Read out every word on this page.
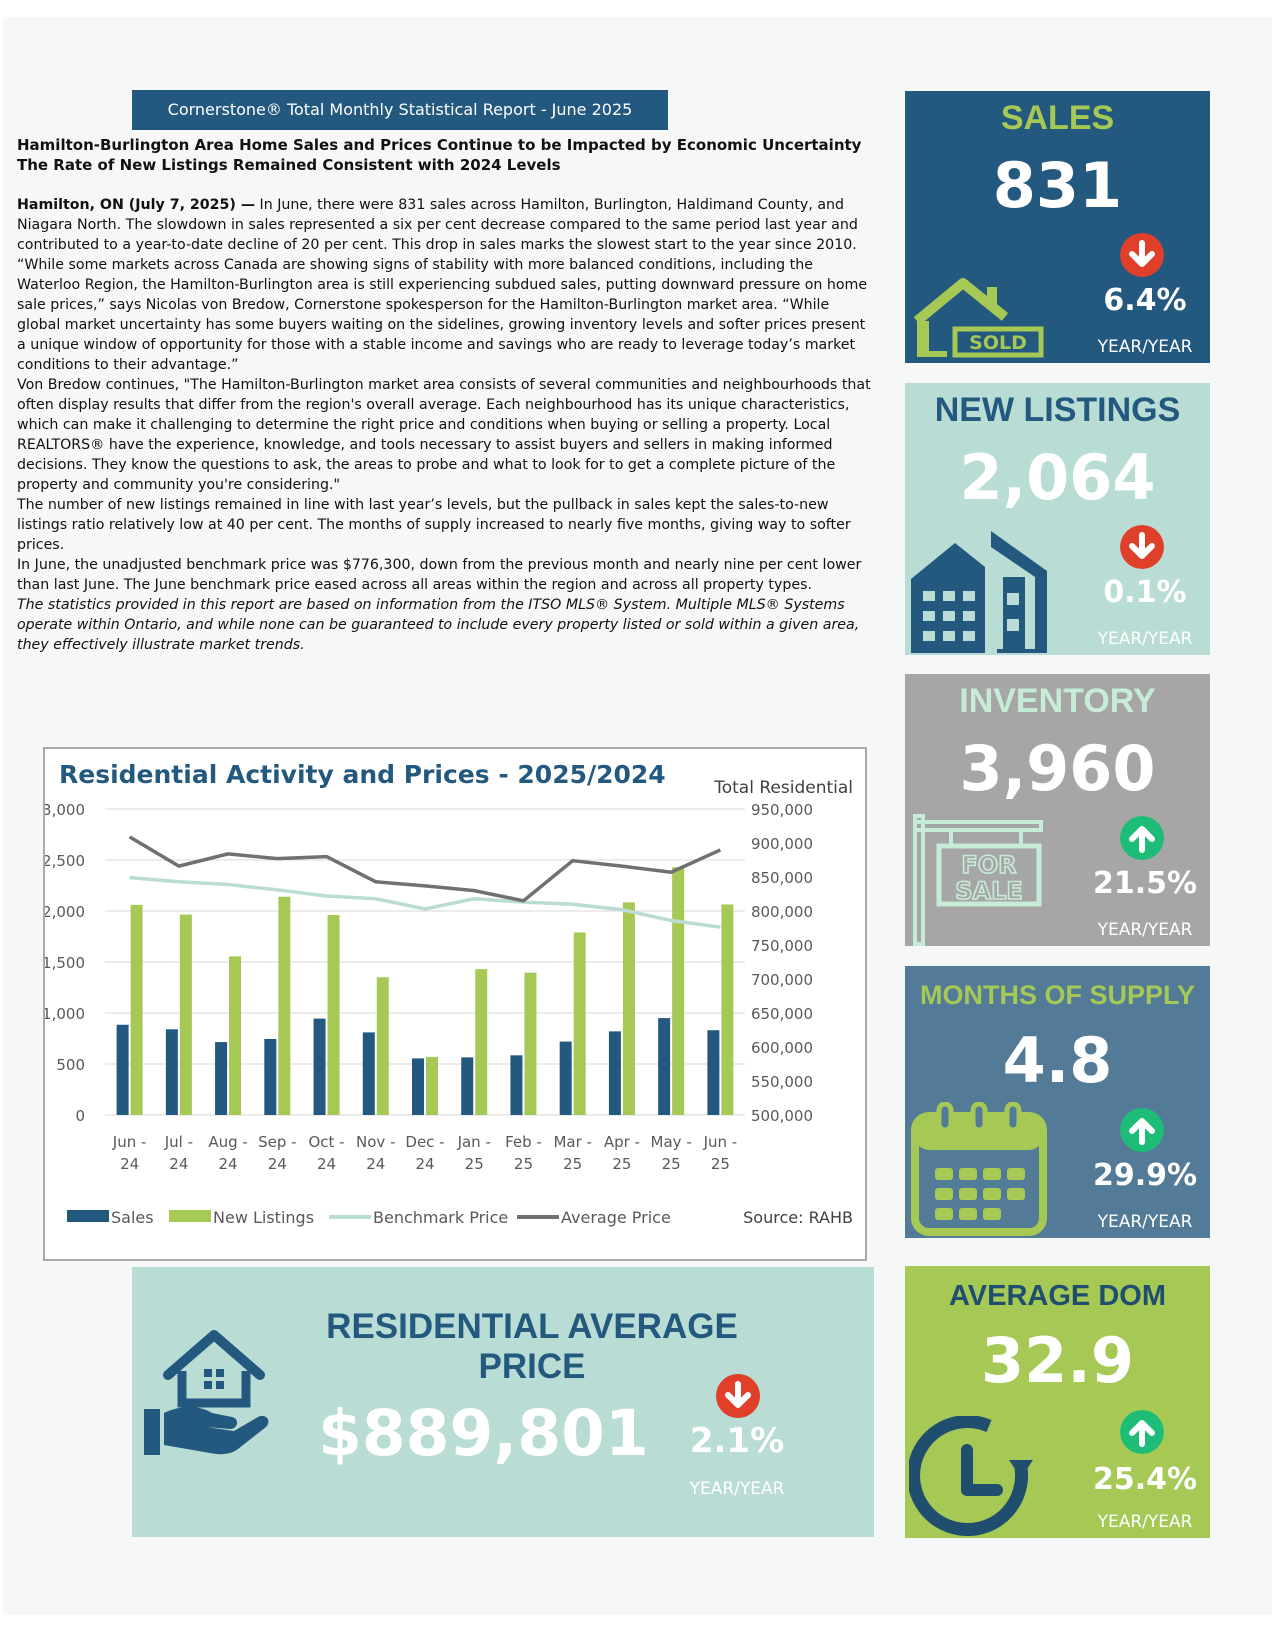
Cornerstone® Total Monthly Statistical Report - June 2025

Hamilton-Burlington Area Home Sales and Prices Continue to be Impacted by Economic Uncertainty

The Rate of New Listings Remained Consistent with 2024 Levels

Hamilton, ON (July 7, 2025) — In June, there were 831 sales across Hamilton, Burlington, Haldimand County, and Niagara North. The slowdown in sales represented a six per cent decrease compared to the same period last year and contributed to a year-to-date decline of 20 per cent. This drop in sales marks the slowest start to the year since 2010.

“While some markets across Canada are showing signs of stability with more balanced conditions, including the Waterloo Region, the Hamilton-Burlington area is still experiencing subdued sales, putting downward pressure on home sale prices,” says Nicolas von Bredow, Cornerstone spokesperson for the Hamilton-Burlington market area. “While global market uncertainty has some buyers waiting on the sidelines, growing inventory levels and softer prices present a unique window of opportunity for those with a stable income and savings who are ready to leverage today’s market conditions to their advantage.”

Von Bredow continues, "The Hamilton-Burlington market area consists of several communities and neighbourhoods that often display results that differ from the region's overall average. Each neighbourhood has its unique characteristics, which can make it challenging to determine the right price and conditions when buying or selling a property. Local REALTORS® have the experience, knowledge, and tools necessary to assist buyers and sellers in making informed decisions. They know the questions to ask, the areas to probe and what to look for to get a complete picture of the property and community you're considering."

The number of new listings remained in line with last year’s levels, but the pullback in sales kept the sales-to-new listings ratio relatively low at 40 per cent. The months of supply increased to nearly five months, giving way to softer prices.

In June, the unadjusted benchmark price was $776,300, down from the previous month and nearly nine per cent lower than last June. The June benchmark price eased across all areas within the region and across all property types.

The statistics provided in this report are based on information from the ITSO MLS® System. Multiple MLS® Systems operate within Ontario, and while none can be guaranteed to include every property listed or sold within a given area, they effectively illustrate market trends.

SALES
831
6.4%
YEAR/YEAR
SOLD
NEW LISTINGS
2,064
0.1%
YEAR/YEAR
INVENTORY
3,960
21.5%
YEAR/YEAR
FOR
SALE
MONTHS OF SUPPLY
4.8
29.9%
YEAR/YEAR
AVERAGE DOM
32.9
25.4%
YEAR/YEAR
Residential Activity and Prices - 2025/2024	Total Residential
3,000
2,500
2,000
1,500
1,000
500
0
950,000
900,000
850,000
800,000
750,000
700,000
650,000
600,000
550,000
500,000
Jun -
24
Jul -
24
Aug -
24
Sep -
24
Oct -
24
Nov -
24
Dec -
24
Jan -
25
Feb -
25
Mar -
25
Apr -
25
May -
25
Jun -
25
Sales	New Listings	Benchmark Price	Average Price	Source: RAHB
RESIDENTIAL AVERAGE PRICE
$889,801	2.1%
YEAR/YEAR
